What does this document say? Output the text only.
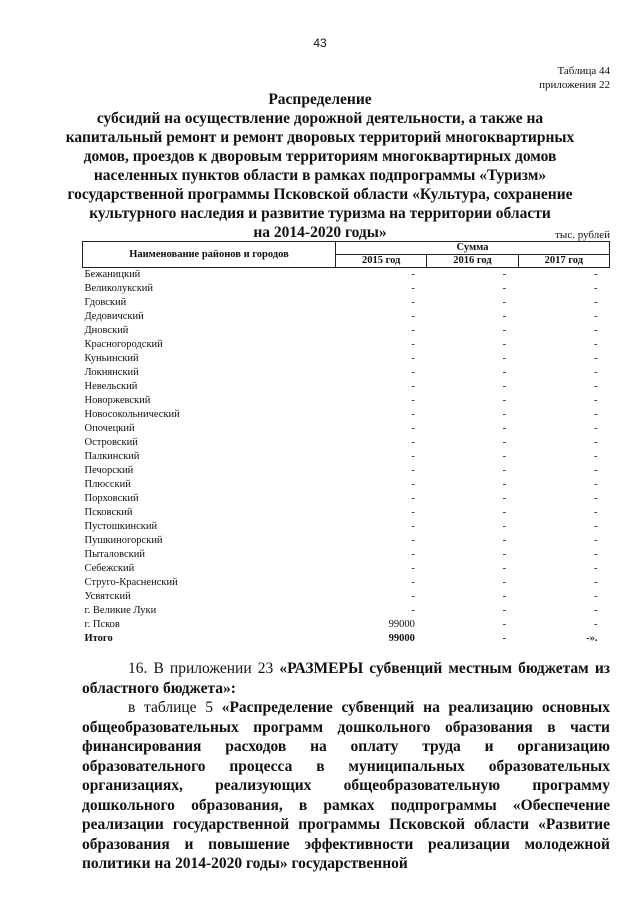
43
Таблица 44
приложения 22
Распределение
субсидий на осуществление дорожной деятельности, а также на
капитальный ремонт и ремонт дворовых территорий многоквартирных
домов, проездов к дворовым территориям многоквартирных домов
населенных пунктов области в рамках подпрограммы «Туризм»
государственной программы Псковской области «Культура, сохранение
культурного наследия и развитие туризма на территории области
на 2014-2020 годы»	тыс. рублей
Наименование районов и городов	Сумма		
	2015 год	2016 год	2017 год
Бежаницкий	-	-	-
Великолукский	-	-	-
Гдовский	-	-	-
Дедовичский	-	-	-
Дновский	-	-	-
Красногородский	-	-	-
Куньинский	-	-	-
Локнянский	-	-	-
Невельский	-	-	-
Новоржевский	-	-	-
Новосокольнический	-	-	-
Опочецкий	-	-	-
Островский	-	-	-
Палкинский	-	-	-
Печорский	-	-	-
Плюсский	-	-	-
Порховский	-	-	-
Псковский	-	-	-
Пустошкинский	-	-	-
Пушкиногорский	-	-	-
Пыталовский	-	-	-
Себежский	-	-	-
Струго-Красненский	-	-	-
Усвятский	-	-	-
г. Великие Луки	-	-	-
г. Псков	99000	-	-
Итого	99000	-	-».

16. В приложении 23 «РАЗМЕРЫ субвенций местным бюджетам из областного бюджета»:

в таблице 5 «Распределение субвенций на реализацию основных общеобразовательных программ дошкольного образования в части финансирования расходов на оплату труда и организацию образовательного процесса в муниципальных образовательных организациях, реализующих общеобразовательную программу дошкольного образования, в рамках подпрограммы «Обеспечение реализации государственной программы Псковской области «Развитие образования и повышение эффективности реализации молодежной политики на 2014-2020 годы» государственной
